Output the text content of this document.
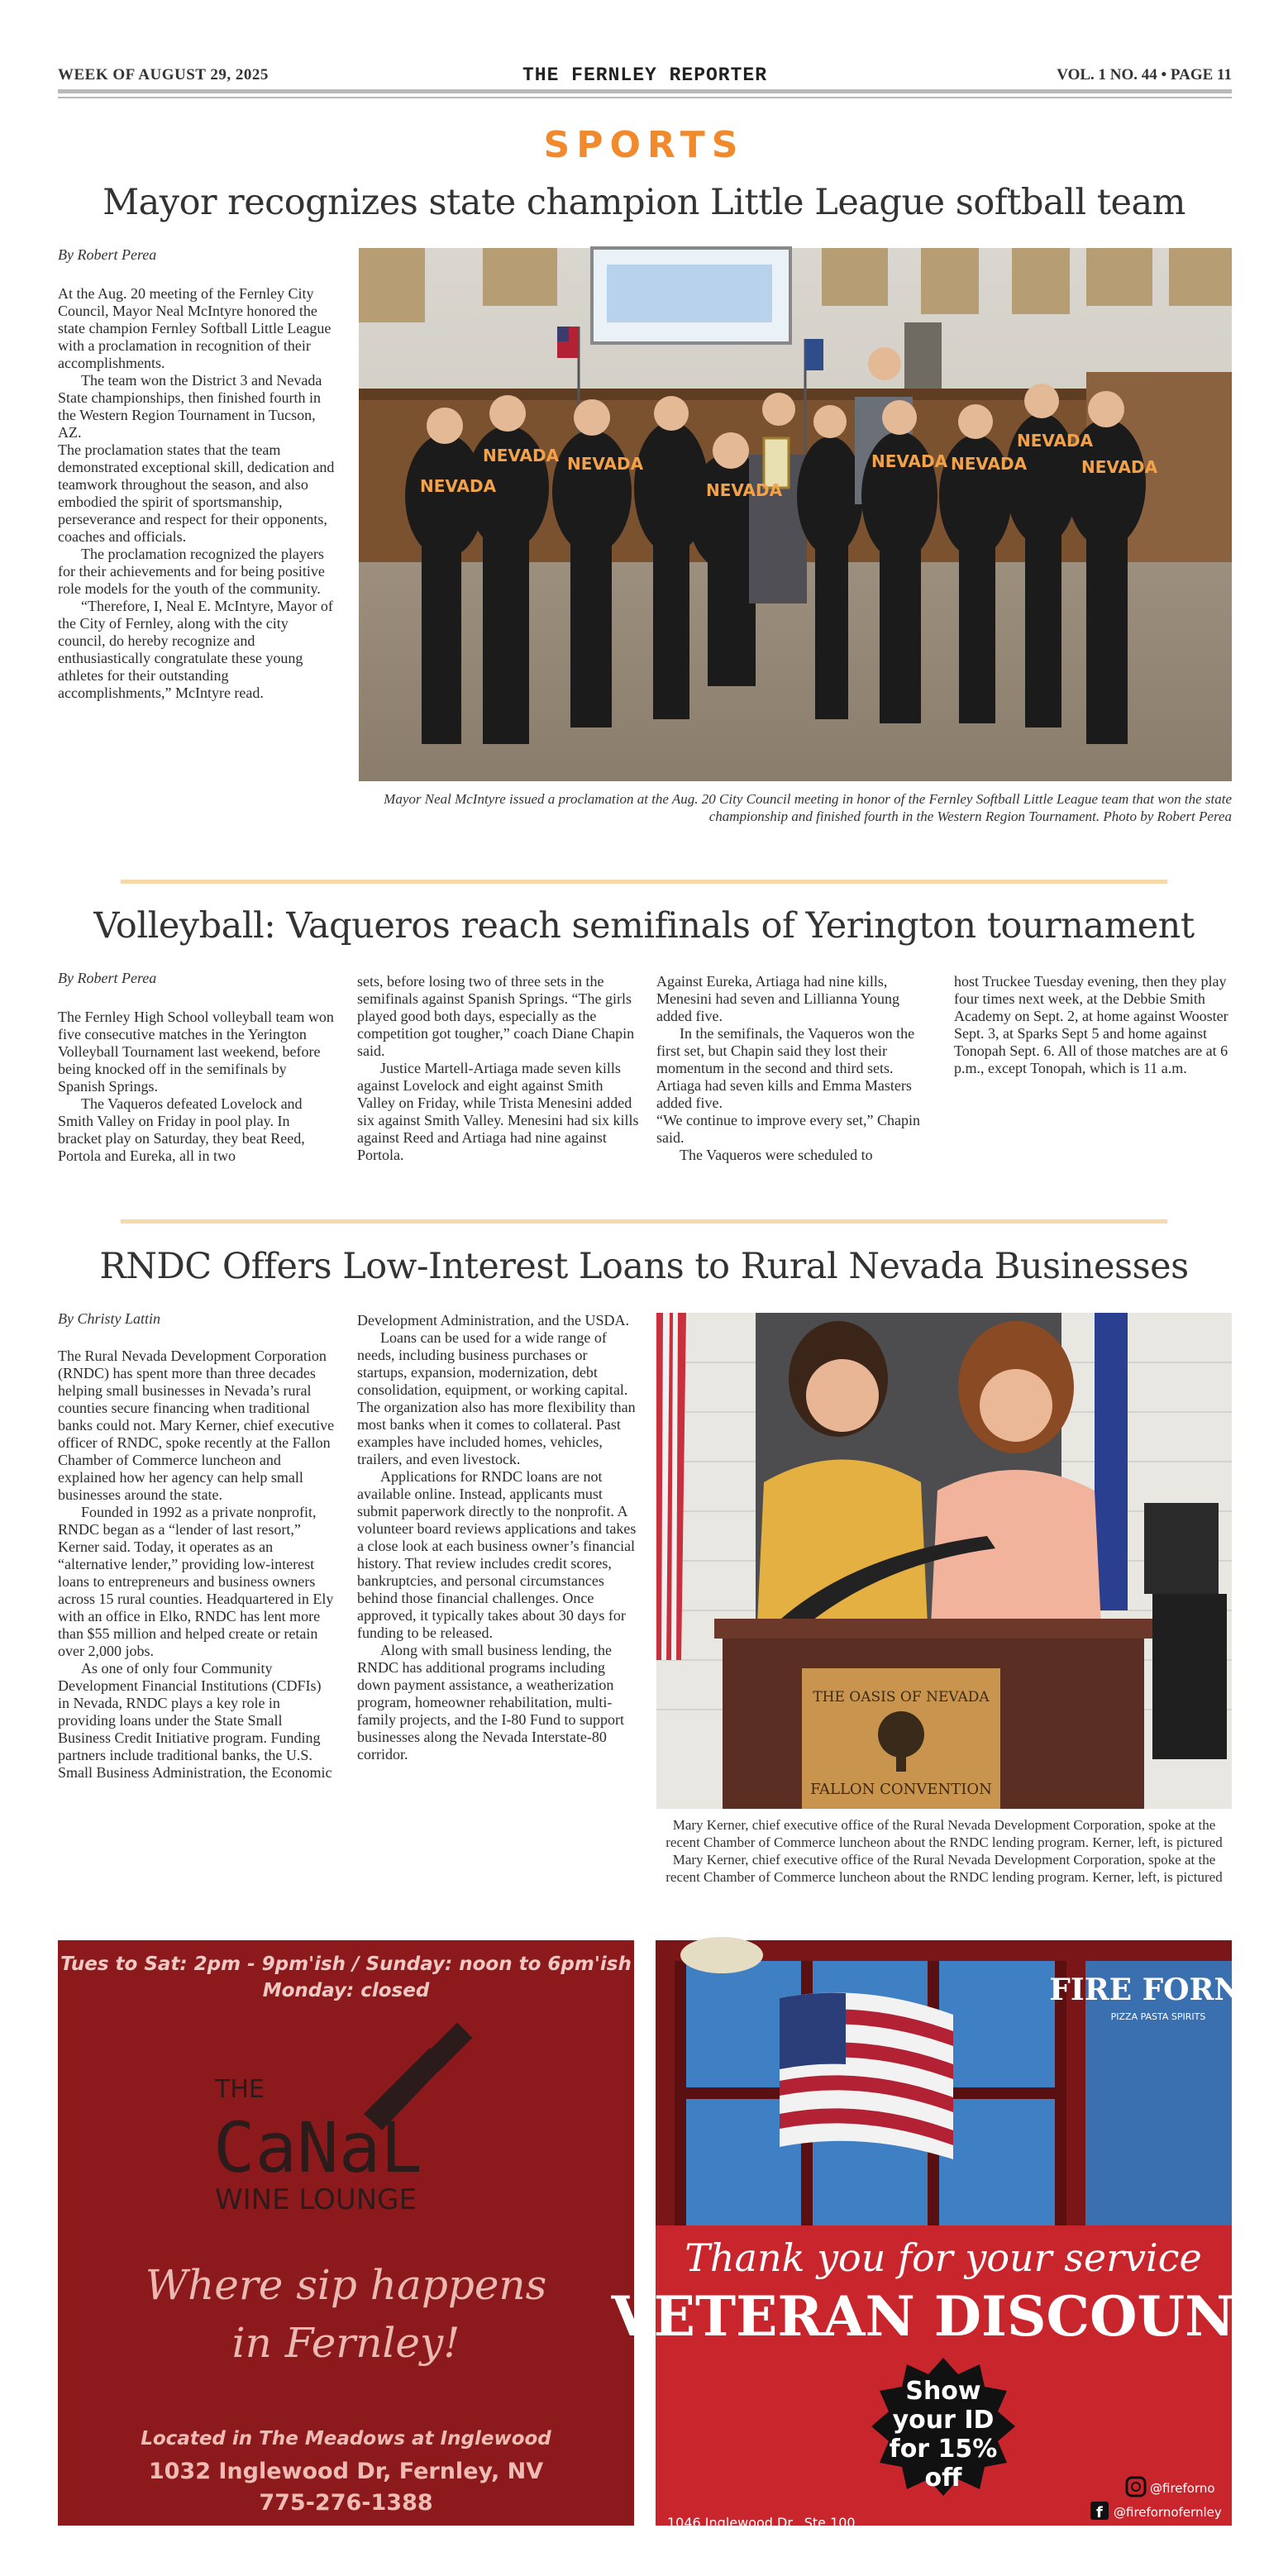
WEEK OF AUGUST 29, 2025	THE FERNLEY REPORTER	VOL. 1 NO. 44 • PAGE 11
SPORTS
Mayor recognizes state champion Little League softball team
By Robert Perea

At the Aug. 20 meeting of the Fernley City Council, Mayor Neal McIntyre honored the state champion Fernley Softball Little League with a proclamation in recognition of their accomplishments.

The team won the District 3 and Nevada State championships, then finished fourth in the Western Region Tournament in Tucson, AZ.

The proclamation states that the team demonstrated exceptional skill, dedication and teamwork throughout the season, and also embodied the spirit of sportsmanship, perseverance and respect for their opponents, coaches and officials.

The proclamation recognized the players for their achievements and for being positive role models for the youth of the community.

“Therefore, I, Neal E. McIntyre, Mayor of the City of Fernley, along with the city council, do hereby recognize and enthusiastically congratulate these young athletes for their outstanding accomplishments,” McIntyre read.

NEVADA
NEVADA NEVADA
NEVADA
NEVADA NEVADA
NEVADA
NEVADA
Mayor Neal McIntyre issued a proclamation at the Aug. 20 City Council meeting in honor of the Fernley Softball Little League team that won the state championship and finished fourth in the Western Region Tournament. Photo by Robert Perea
Volleyball: Vaqueros reach semifinals of Yerington tournament
By Robert Perea

The Fernley High School volleyball team won five consecutive matches in the Yerington Volleyball Tournament last weekend, before being knocked off in the semifinals by Spanish Springs.

The Vaqueros defeated Lovelock and Smith Valley on Friday in pool play. In bracket play on Saturday, they beat Reed, Portola and Eureka, all in two

sets, before losing two of three sets in the semifinals against Spanish Springs. “The girls played good both days, especially as the competition got tougher,” coach Diane Chapin said.

Justice Martell-Artiaga made seven kills against Lovelock and eight against Smith Valley on Friday, while Trista Menesini added six against Smith Valley. Menesini had six kills against Reed and Artiaga had nine against Portola.

Against Eureka, Artiaga had nine kills, Menesini had seven and Lillianna Young added five.

In the semifinals, the Vaqueros won the first set, but Chapin said they lost their momentum in the second and third sets. Artiaga had seven kills and Emma Masters added five.

“We continue to improve every set,” Chapin said.

The Vaqueros were scheduled to

host Truckee Tuesday evening, then they play four times next week, at the Debbie Smith Academy on Sept. 2, at home against Wooster Sept. 3, at Sparks Sept 5 and home against Tonopah Sept. 6. All of those matches are at 6 p.m., except Tonopah, which is 11 a.m.

RNDC Offers Low-Interest Loans to Rural Nevada Businesses
By Christy Lattin

The Rural Nevada Development Corporation (RNDC) has spent more than three decades helping small businesses in Nevada’s rural counties secure financing when traditional banks could not. Mary Kerner, chief executive officer of RNDC, spoke recently at the Fallon Chamber of Commerce luncheon and explained how her agency can help small businesses around the state.

Founded in 1992 as a private nonprofit, RNDC began as a “lender of last resort,” Kerner said. Today, it operates as an “alternative lender,” providing low-interest loans to entrepreneurs and business owners across 15 rural counties. Headquartered in Ely with an office in Elko, RNDC has lent more than $55 million and helped create or retain over 2,000 jobs.

As one of only four Community Development Financial Institutions (CDFIs) in Nevada, RNDC plays a key role in providing loans under the State Small Business Credit Initiative program. Funding partners include traditional banks, the U.S. Small Business Administration, the Economic

Development Administration, and the USDA.

Loans can be used for a wide range of needs, including business purchases or startups, expansion, modernization, debt consolidation, equipment, or working capital. The organization also has more flexibility than most banks when it comes to collateral. Past examples have included homes, vehicles, trailers, and even livestock.

Applications for RNDC loans are not available online. Instead, applicants must submit paperwork directly to the nonprofit. A volunteer board reviews applications and takes a close look at each business owner’s financial history. That review includes credit scores, bankruptcies, and personal circumstances behind those financial challenges. Once approved, it typically takes about 30 days for funding to be released.

Along with small business lending, the RNDC has additional programs including down payment assistance, a weatherization program, homeowner rehabilitation, multi-family projects, and the I-80 Fund to support businesses along the Nevada Interstate-80 corridor.

THE OASIS OF NEVADA
FALLON CONVENTION
Mary Kerner, chief executive office of the Rural Nevada Development Corporation, spoke at the recent Chamber of Commerce luncheon about the RNDC lending program. Kerner, left, is pictured Mary Kerner, chief executive office of the Rural Nevada Development Corporation, spoke at the recent Chamber of Commerce luncheon about the RNDC lending program. Kerner, left, is pictured
Tues to Sat: 2pm - 9pm'ish / Sunday: noon to 6pm'ish
Monday: closed
THE
CaNaL
WINE LOUNGE
Where sip happens
in Fernley!
Located in The Meadows at Inglewood
1032 Inglewood Dr, Fernley, NV
775-276-1388
FIRE FORNO
PIZZA PASTA SPIRITS
Thank you for your service
VETERAN DISCOUNT
Show
your ID
for 15%
off	@fireforno
f @firefornofernley
1046 Inglewood Dr., Ste 100
